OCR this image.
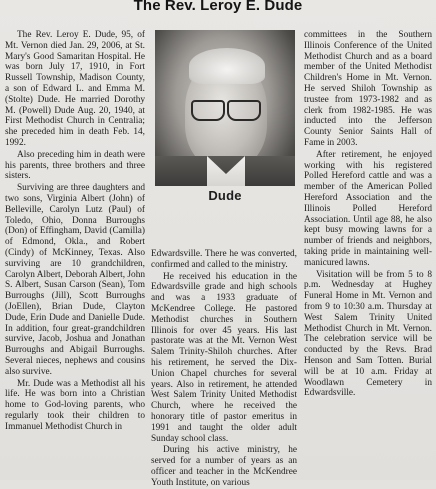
The Rev. Leroy E. Dude

The Rev. Leroy E. Dude, 95, of Mt. Vernon died Jan. 29, 2006, at St. Mary's Good Samaritan Hospital. He was born July 17, 1910, in Fort Russell Township, Madison County, a son of Edward L. and Emma M. (Stolte) Dude. He married Dorothy M. (Powell) Dude Aug. 20, 1940, at First Methodist Church in Centralia; she preceded him in death Feb. 14, 1992.

Also preceding him in death were his parents, three brothers and three sisters.

Surviving are three daughters and two sons, Virginia Albert (John) of Belleville, Carolyn Lutz (Paul) of Toledo, Ohio, Donna Burroughs (Don) of Effingham, David (Camilla) of Edmond, Okla., and Robert (Cindy) of McKinney, Texas. Also surviving are 10 grandchildren, Carolyn Albert, Deborah Albert, John S. Albert, Susan Carson (Sean), Tom Burroughs (Jill), Scott Burroughs (JoEllen), Brian Dude, Clayton Dude, Erin Dude and Danielle Dude. In addition, four great-grandchildren survive, Jacob, Joshua and Jonathan Burroughs and Abigail Burroughs. Several nieces, nephews and cousins also survive.

Mr. Dude was a Methodist all his life. He was born into a Christian home to God-loving parents, who regularly took their children to Immanuel Methodist Church in

Dude

Edwardsville. There he was converted, confirmed and called to the ministry.

He received his education in the Edwardsville grade and high schools and was a 1933 graduate of McKendree College. He pastored Methodist churches in Southern Illinois for over 45 years. His last pastorate was at the Mt. Vernon West Salem Trinity-Shiloh churches. After his retirement, he served the Dix-Union Chapel churches for several years. Also in retirement, he attended West Salem Trinity United Methodist Church, where he received the honorary title of pastor emeritus in 1991 and taught the older adult Sunday school class.

During his active ministry, he served for a number of years as an officer and teacher in the McKendree Youth Institute, on various

committees in the Southern Illinois Conference of the United Methodist Church and as a board member of the United Methodist Children's Home in Mt. Vernon. He served Shiloh Township as trustee from 1973-1982 and as clerk from 1982-1985. He was inducted into the Jefferson County Senior Saints Hall of Fame in 2003.

After retirement, he enjoyed working with his registered Polled Hereford cattle and was a member of the American Polled Hereford Association and the Illinois Polled Hereford Association. Until age 88, he also kept busy mowing lawns for a number of friends and neighbors, taking pride in maintaining well-manicured lawns.

Visitation will be from 5 to 8 p.m. Wednesday at Hughey Funeral Home in Mt. Vernon and from 9 to 10:30 a.m. Thursday at West Salem Trinity United Methodist Church in Mt. Vernon. The celebration service will be conducted by the Revs. Brad Henson and Sam Totten. Burial will be at 10 a.m. Friday at Woodlawn Cemetery in Edwardsville.
